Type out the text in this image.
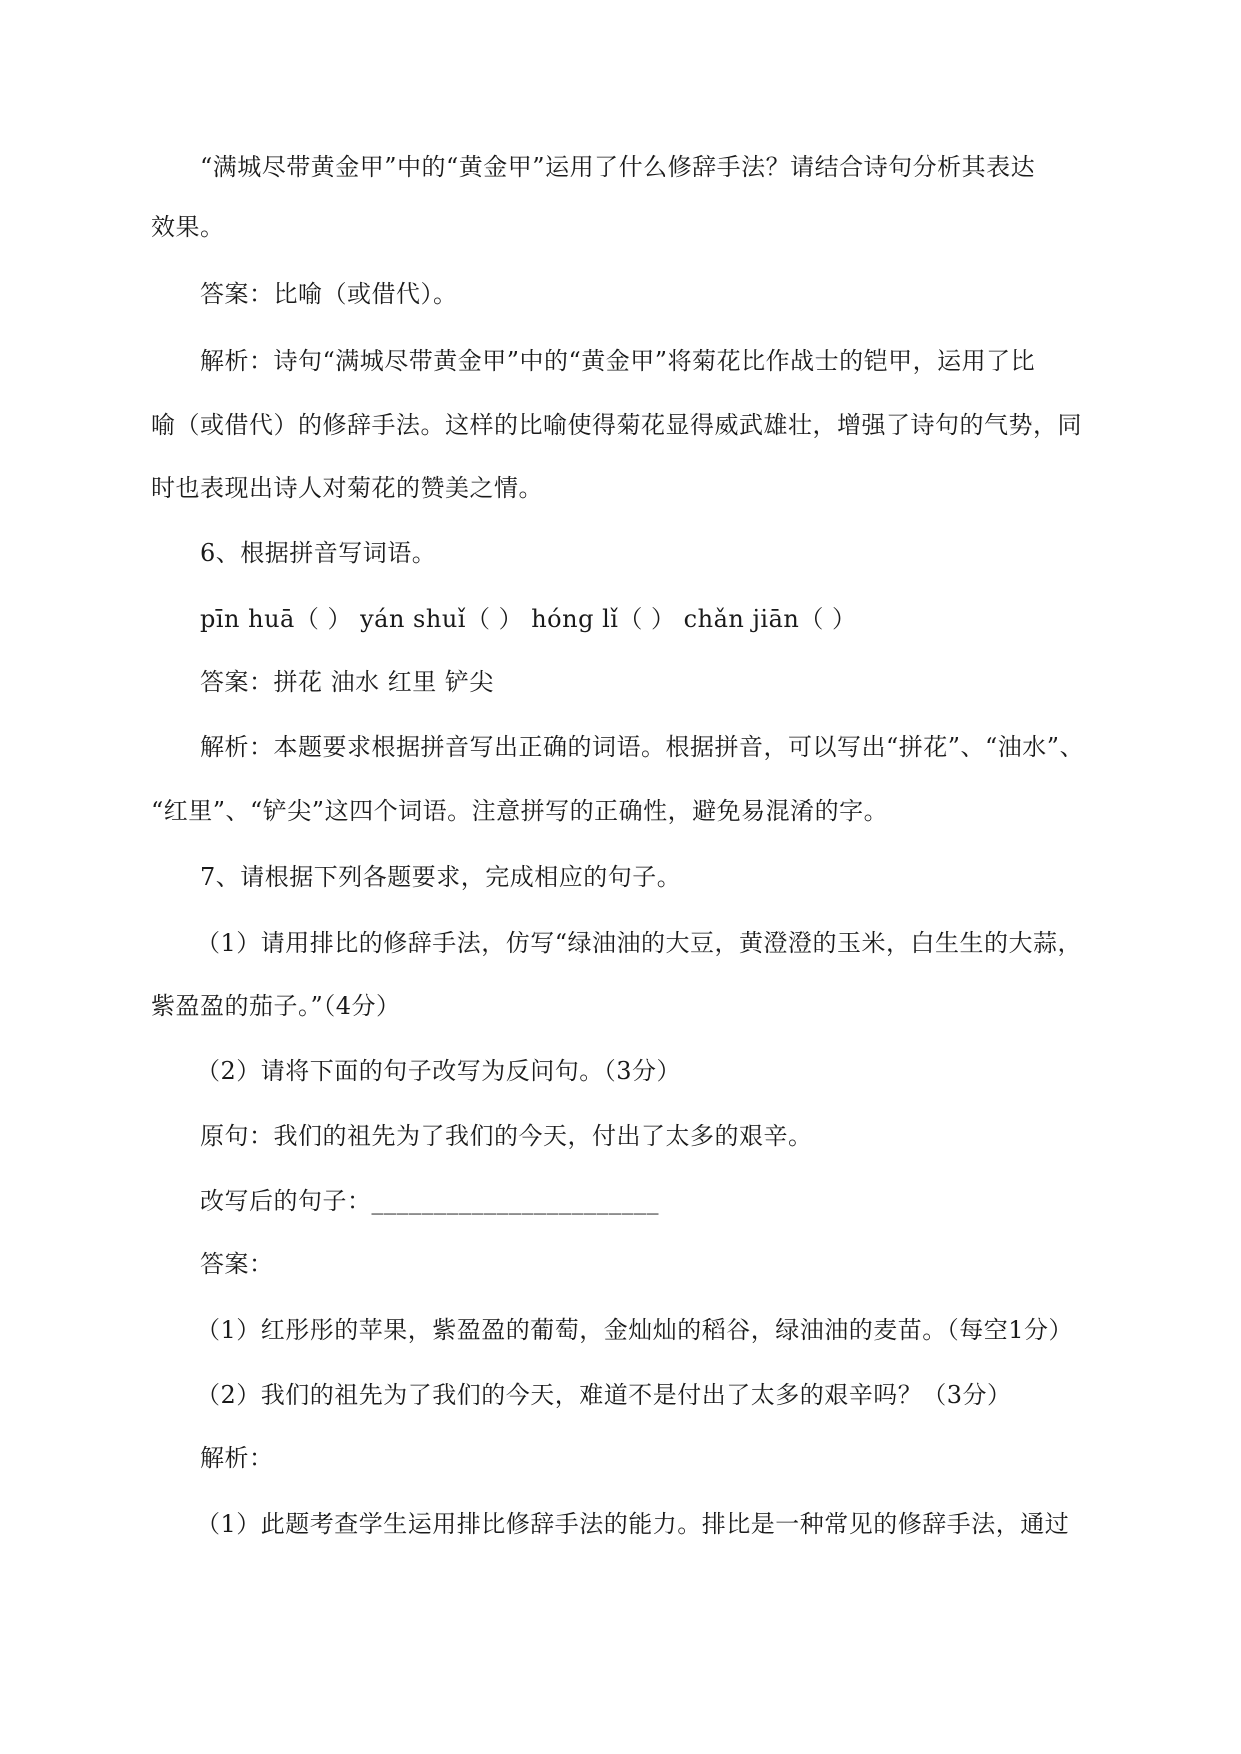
“满城尽带黄金甲”中的“黄金甲”运用了什么修辞手法？请结合诗句分析其表达
效果。
答案：比喻（或借代）。
解析：诗句“满城尽带黄金甲”中的“黄金甲”将菊花比作战士的铠甲，运用了比
喻（或借代）的修辞手法。这样的比喻使得菊花显得威武雄壮，增强了诗句的气势，同
时也表现出诗人对菊花的赞美之情。
6、根据拼音写词语。
pīn huā（ ） yán shuǐ（ ） hóng lǐ（ ） chǎn jiān（ ）
答案：拼花 油水 红里 铲尖
解析：本题要求根据拼音写出正确的词语。根据拼音，可以写出“拼花”、“油水”、
“红里”、“铲尖”这四个词语。注意拼写的正确性，避免易混淆的字。
7、请根据下列各题要求，完成相应的句子。
（1）请用排比的修辞手法，仿写“绿油油的大豆，黄澄澄的玉米，白生生的大蒜，
紫盈盈的茄子。”（4分）
（2）请将下面的句子改写为反问句。（3分）
原句：我们的祖先为了我们的今天，付出了太多的艰辛。
改写后的句子：_______________________
答案：
（1）红彤彤的苹果，紫盈盈的葡萄，金灿灿的稻谷，绿油油的麦苗。（每空1分）
（2）我们的祖先为了我们的今天，难道不是付出了太多的艰辛吗？（3分）
解析：
（1）此题考查学生运用排比修辞手法的能力。排比是一种常见的修辞手法，通过
